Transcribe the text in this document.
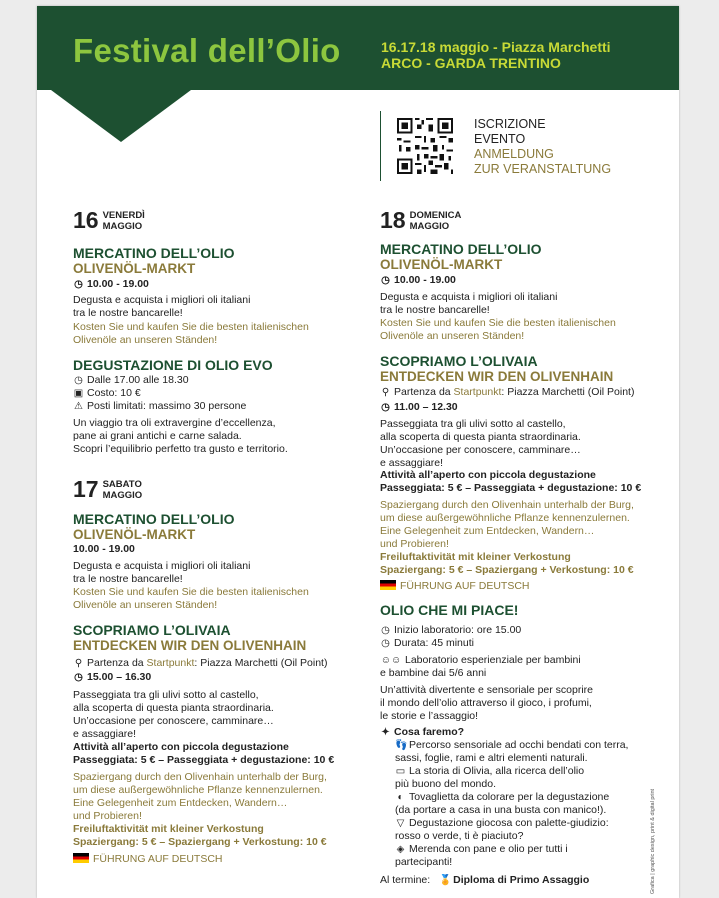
Festival dell’Olio	16.17.18 maggio - Piazza Marchetti
ARCO - GARDA TRENTINO
ISCRIZIONE
EVENTO
ANMELDUNG
ZUR VERANSTALTUNG
16 VENERDÌ
MAGGIO
MERCATINO DELL’OLIO
OLIVENÖL-MARKT
◷ 10.00 - 19.00
Degusta e acquista i migliori oli italiani
tra le nostre bancarelle!
Kosten Sie und kaufen Sie die besten italienischen
Olivenöle an unseren Ständen!
DEGUSTAZIONE DI OLIO EVO
◷ Dalle 17.00 alle 18.30
▣ Costo: 10 €
⚠ Posti limitati: massimo 30 persone
Un viaggio tra oli extravergine d’eccellenza,
pane ai grani antichi e carne salada.
Scopri l’equilibrio perfetto tra gusto e territorio.
17 SABATO
MAGGIO
MERCATINO DELL’OLIO
OLIVENÖL-MARKT
10.00 - 19.00
Degusta e acquista i migliori oli italiani
tra le nostre bancarelle!
Kosten Sie und kaufen Sie die besten italienischen
Olivenöle an unseren Ständen!
SCOPRIAMO L’OLIVAIA
ENTDECKEN WIR DEN OLIVENHAIN
⚲ Partenza da Startpunkt: Piazza Marchetti (Oil Point)
◷ 15.00 – 16.30
Passeggiata tra gli ulivi sotto al castello,
alla scoperta di questa pianta straordinaria.
Un’occasione per conoscere, camminare…
e assaggiare!
Attività all’aperto con piccola degustazione
Passeggiata: 5 € – Passeggiata + degustazione: 10 €
Spaziergang durch den Olivenhain unterhalb der Burg,
um diese außergewöhnliche Pflanze kennenzulernen.
Eine Gelegenheit zum Entdecken, Wandern…
und Probieren!
Freiluftaktivität mit kleiner Verkostung
Spaziergang: 5 € – Spaziergang + Verkostung: 10 €
FÜHRUNG AUF DEUTSCH
18 DOMENICA
MAGGIO
MERCATINO DELL’OLIO
OLIVENÖL-MARKT
◷ 10.00 - 19.00
Degusta e acquista i migliori oli italiani
tra le nostre bancarelle!
Kosten Sie und kaufen Sie die besten italienischen
Olivenöle an unseren Ständen!
SCOPRIAMO L’OLIVAIA
ENTDECKEN WIR DEN OLIVENHAIN
⚲ Partenza da Startpunkt: Piazza Marchetti (Oil Point)
◷ 11.00 – 12.30
Passeggiata tra gli ulivi sotto al castello,
alla scoperta di questa pianta straordinaria.
Un’occasione per conoscere, camminare…
e assaggiare!
Attività all’aperto con piccola degustazione
Passeggiata: 5 € – Passeggiata + degustazione: 10 €
Spaziergang durch den Olivenhain unterhalb der Burg,
um diese außergewöhnliche Pflanze kennenzulernen.
Eine Gelegenheit zum Entdecken, Wandern…
und Probieren!
Freiluftaktivität mit kleiner Verkostung
Spaziergang: 5 € – Spaziergang + Verkostung: 10 €
FÜHRUNG AUF DEUTSCH
OLIO CHE MI PIACE!
◷ Inizio laboratorio: ore 15.00
◷ Durata: 45 minuti
☺☺ Laboratorio esperienziale per bambini
e bambine dai 5/6 anni
Un’attività divertente e sensoriale per scoprire
il mondo dell’olio attraverso il gioco, i profumi,
le storie e l’assaggio!
✦ Cosa faremo?
👣 Percorso sensoriale ad occhi bendati con terra,
sassi, foglie, rami e altri elementi naturali.
▭ La storia di Olivia, alla ricerca dell’olio
più buono del mondo.
◐ Tovaglietta da colorare per la degustazione
(da portare a casa in una busta con manico!).
▽ Degustazione giocosa con palette-giudizio:
rosso o verde, ti è piaciuto?
◈ Merenda con pane e olio per tutti i
partecipanti!
Al termine: 🏅 Diploma di Primo Assaggio	Grafica | graphic design, print & digital print
